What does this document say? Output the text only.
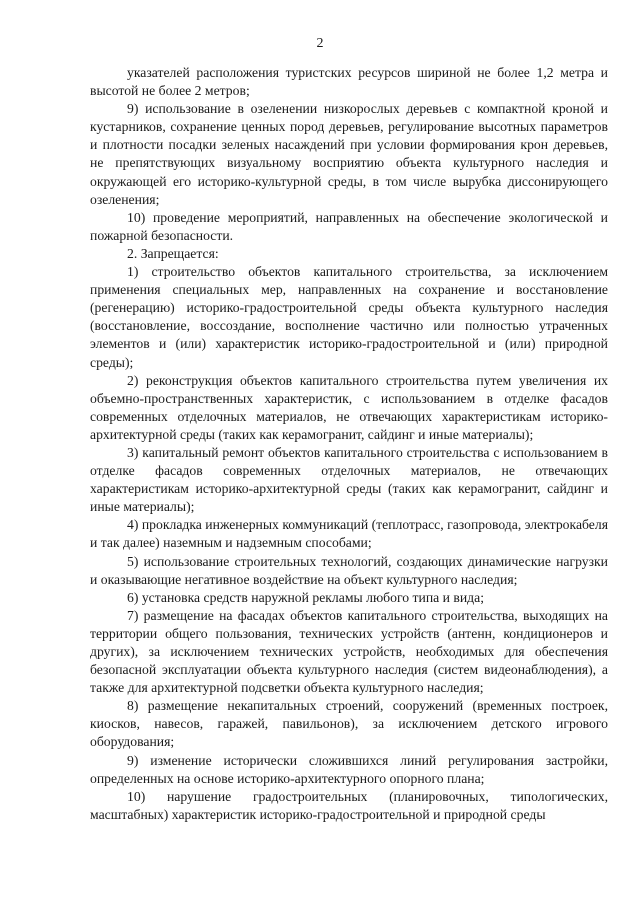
2

указателей расположения туристских ресурсов шириной не более 1,2 метра и высотой не более 2 метров;

9) использование в озеленении низкорослых деревьев с компактной кроной и кустарников, сохранение ценных пород деревьев, регулирование высотных параметров и плотности посадки зеленых насаждений при условии формирования крон деревьев, не препятствующих визуальному восприятию объекта культурного наследия и окружающей его историко-культурной среды, в том числе вырубка диссонирующего озеленения;

10) проведение мероприятий, направленных на обеспечение экологической и пожарной безопасности.

2. Запрещается:

1) строительство объектов капитального строительства, за исключением применения специальных мер, направленных на сохранение и восстановление (регенерацию) историко-градостроительной среды объекта культурного наследия (восстановление, воссоздание, восполнение частично или полностью утраченных элементов и (или) характеристик историко-градостроительной и (или) природной среды);

2) реконструкция объектов капитального строительства путем увеличения их объемно-пространственных характеристик, с использованием в отделке фасадов современных отделочных материалов, не отвечающих характеристикам историко-архитектурной среды (таких как керамогранит, сайдинг и иные материалы);

3) капитальный ремонт объектов капитального строительства с использованием в отделке фасадов современных отделочных материалов, не отвечающих характеристикам историко-архитектурной среды (таких как керамогранит, сайдинг и иные материалы);

4) прокладка инженерных коммуникаций (теплотрасс, газопровода, электрокабеля и так далее) наземным и надземным способами;

5) использование строительных технологий, создающих динамические нагрузки и оказывающие негативное воздействие на объект культурного наследия;

6) установка средств наружной рекламы любого типа и вида;

7) размещение на фасадах объектов капитального строительства, выходящих на территории общего пользования, технических устройств (антенн, кондиционеров и других), за исключением технических устройств, необходимых для обеспечения безопасной эксплуатации объекта культурного наследия (систем видеонаблюдения), а также для архитектурной подсветки объекта культурного наследия;

8) размещение некапитальных строений, сооружений (временных построек, киосков, навесов, гаражей, павильонов), за исключением детского игрового оборудования;

9) изменение исторически сложившихся линий регулирования застройки, определенных на основе историко-архитектурного опорного плана;

10) нарушение градостроительных (планировочных, типологических, масштабных) характеристик историко-градостроительной и природной среды
